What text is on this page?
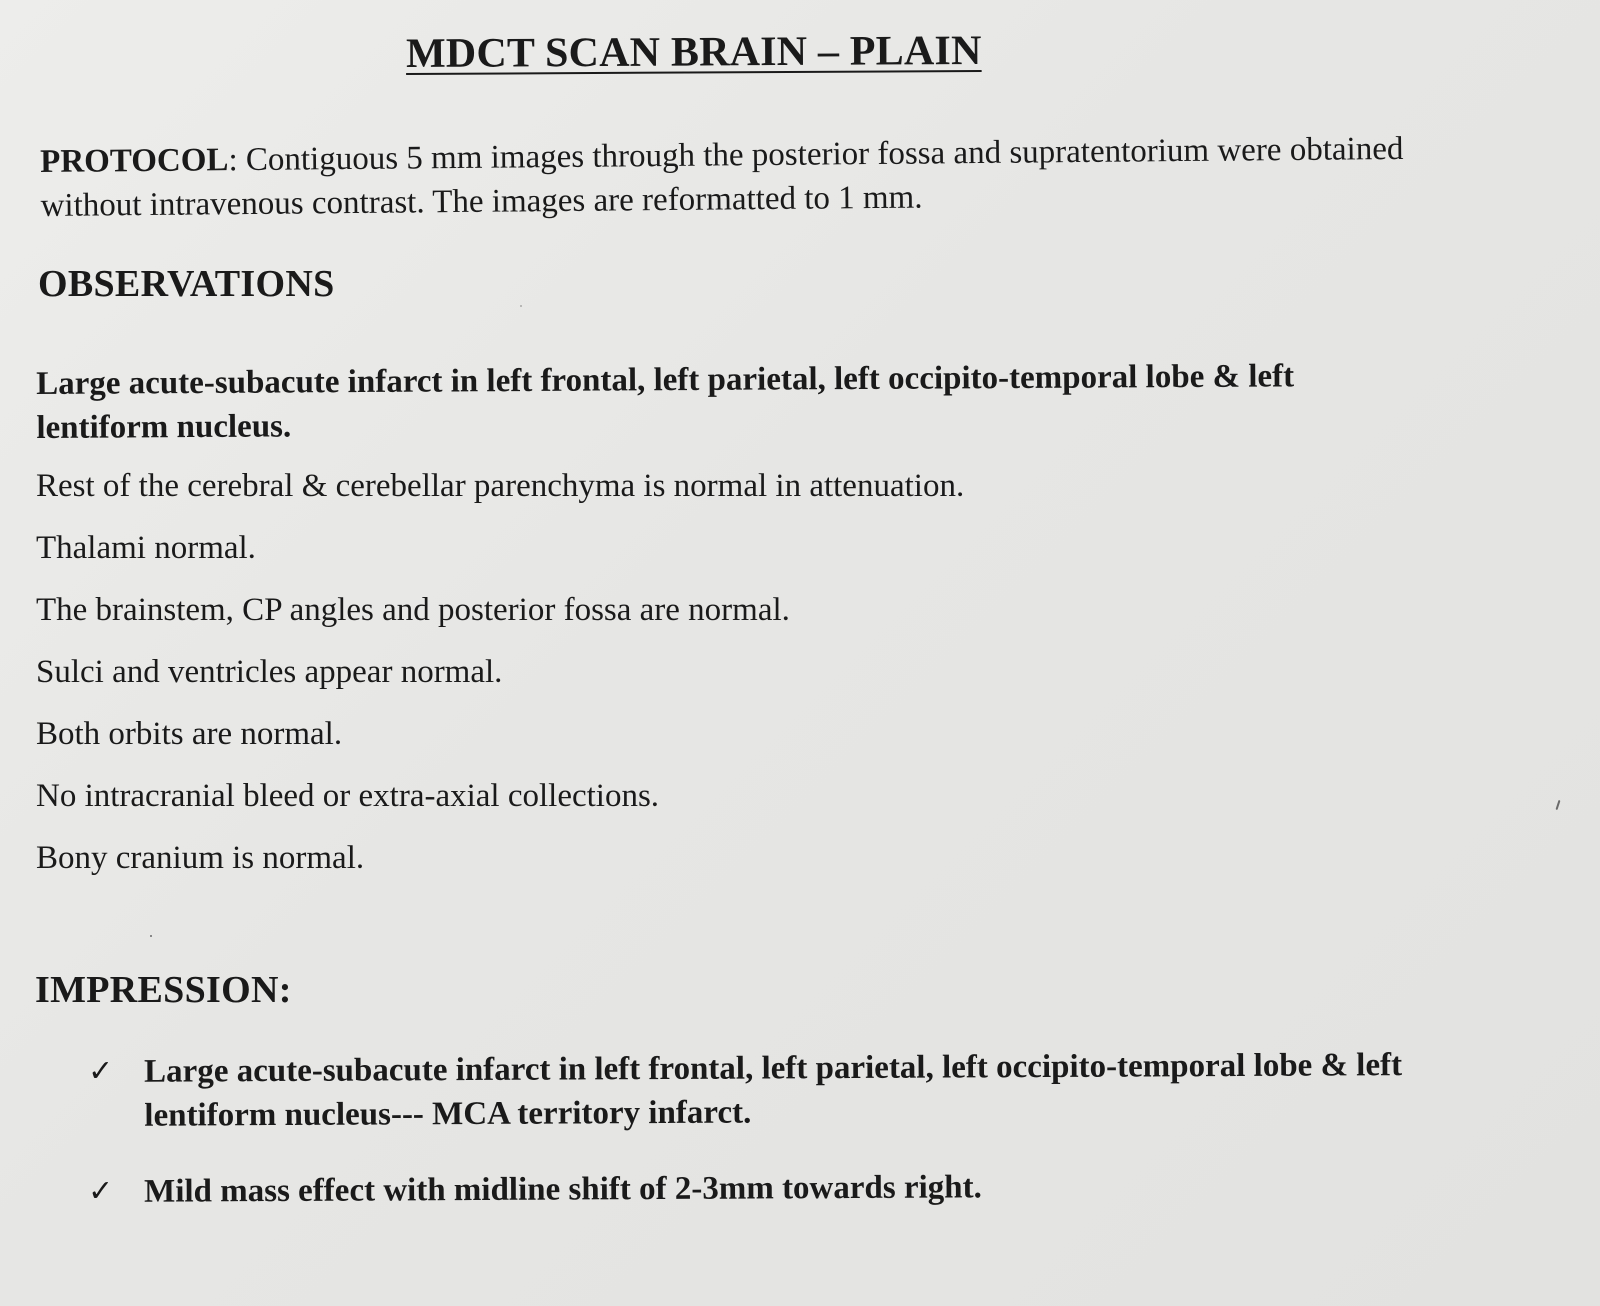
MDCT SCAN BRAIN – PLAIN
PROTOCOL: Contiguous 5 mm images through the posterior fossa and supratentorium were obtained
without intravenous contrast. The images are reformatted to 1 mm.
OBSERVATIONS
Large acute-subacute infarct in left frontal, left parietal, left occipito-temporal lobe & left
lentiform nucleus.
Rest of the cerebral & cerebellar parenchyma is normal in attenuation.
Thalami normal.
The brainstem, CP angles and posterior fossa are normal.
Sulci and ventricles appear normal.
Both orbits are normal.
No intracranial bleed or extra-axial collections.
Bony cranium is normal.
IMPRESSION:
✓ Large acute-subacute infarct in left frontal, left parietal, left occipito-temporal lobe & left
lentiform nucleus--- MCA territory infarct.
✓ Mild mass effect with midline shift of 2-3mm towards right.
